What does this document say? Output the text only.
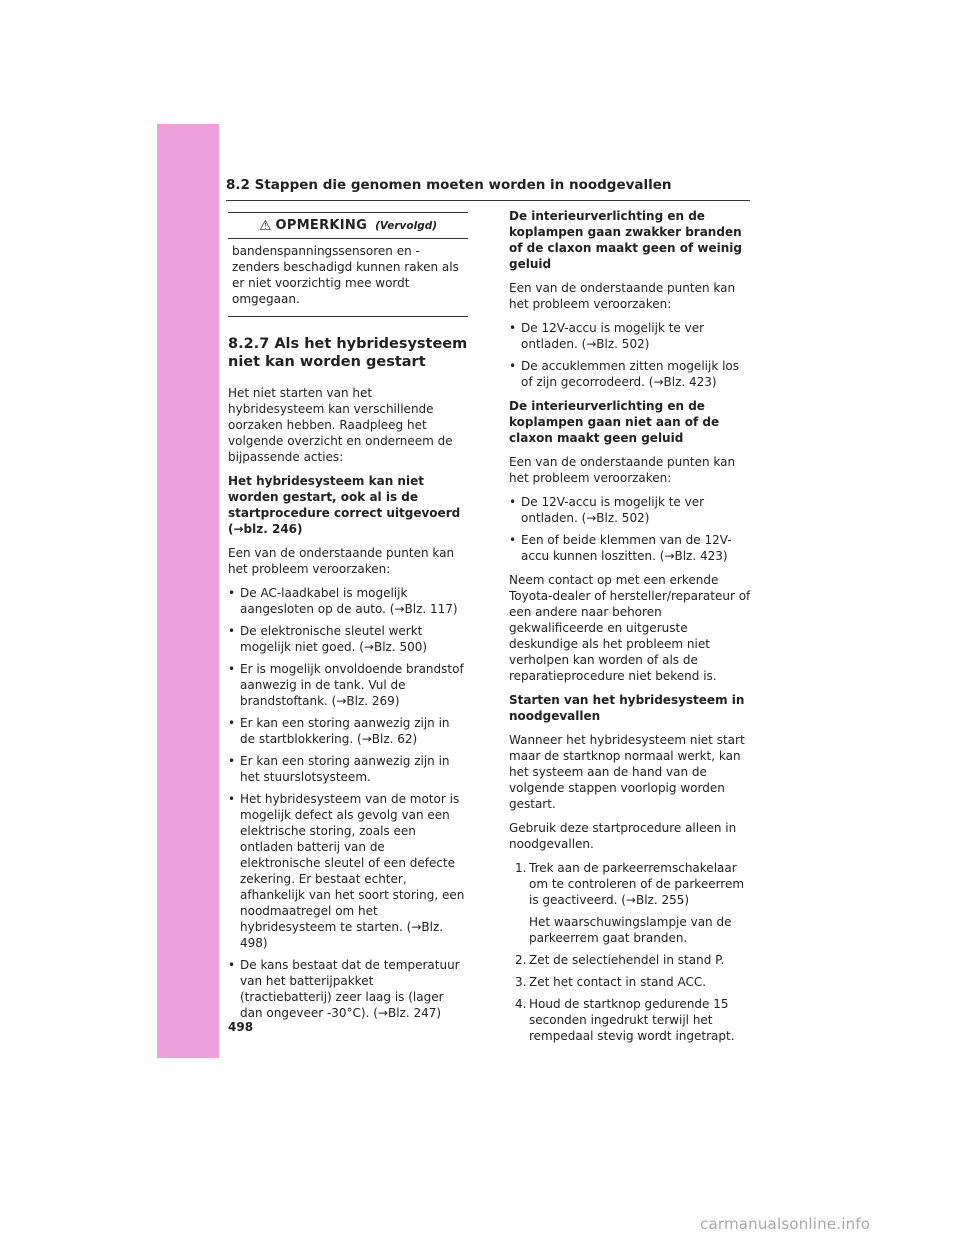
8.2 Stappen die genomen moeten worden in noodgevallen
⚠ OPMERKING (Vervolgd)
bandenspanningssensoren en -zenders beschadigd kunnen raken als er niet voorzichtig mee wordt omgegaan.
8.2.7 Als het hybridesysteem niet kan worden gestart

Het niet starten van het hybridesysteem kan verschillende oorzaken hebben. Raadpleeg het volgende overzicht en onderneem de bijpassende acties:

Het hybridesysteem kan niet worden gestart, ook al is de startprocedure correct uitgevoerd (→blz. 246)

Een van de onderstaande punten kan het probleem veroorzaken:

• De AC-laadkabel is mogelijk aangesloten op de auto. (→Blz. 117)
• De elektronische sleutel werkt mogelijk niet goed. (→Blz. 500)
• Er is mogelijk onvoldoende brandstof aanwezig in de tank. Vul de brandstoftank. (→Blz. 269)
• Er kan een storing aanwezig zijn in de startblokkering. (→Blz. 62)
• Er kan een storing aanwezig zijn in het stuurslotsysteem.
• Het hybridesysteem van de motor is mogelijk defect als gevolg van een elektrische storing, zoals een ontladen batterij van de elektronische sleutel of een defecte zekering. Er bestaat echter, afhankelijk van het soort storing, een noodmaatregel om het hybridesysteem te starten. (→Blz. 498)
• De kans bestaat dat de temperatuur van het batterijpakket (tractiebatterij) zeer laag is (lager dan ongeveer -30°C). (→Blz. 247)
De interieurverlichting en de koplampen gaan zwakker branden of de claxon maakt geen of weinig geluid

Een van de onderstaande punten kan het probleem veroorzaken:

• De 12V-accu is mogelijk te ver ontladen. (→Blz. 502)
• De accuklemmen zitten mogelijk los of zijn gecorrodeerd. (→Blz. 423)
De interieurverlichting en de koplampen gaan niet aan of de claxon maakt geen geluid

Een van de onderstaande punten kan het probleem veroorzaken:

• De 12V-accu is mogelijk te ver ontladen. (→Blz. 502)
• Een of beide klemmen van de 12V-accu kunnen loszitten. (→Blz. 423)

Neem contact op met een erkende Toyota-dealer of hersteller/reparateur of een andere naar behoren gekwalificeerde en uitgeruste deskundige als het probleem niet verholpen kan worden of als de reparatieprocedure niet bekend is.

Starten van het hybridesysteem in noodgevallen

Wanneer het hybridesysteem niet start maar de startknop normaal werkt, kan het systeem aan de hand van de volgende stappen voorlopig worden gestart.

Gebruik deze startprocedure alleen in noodgevallen.

1. Trek aan de parkeerremschakelaar om te controleren of de parkeerrem is geactiveerd. (→Blz. 255)
Het waarschuwingslampje van de parkeerrem gaat branden.
2. Zet de selectiehendel in stand P.
3. Zet het contact in stand ACC.
4. Houd de startknop gedurende 15 seconden ingedrukt terwijl het rempedaal stevig wordt ingetrapt.
498
carmanualsonline.info
